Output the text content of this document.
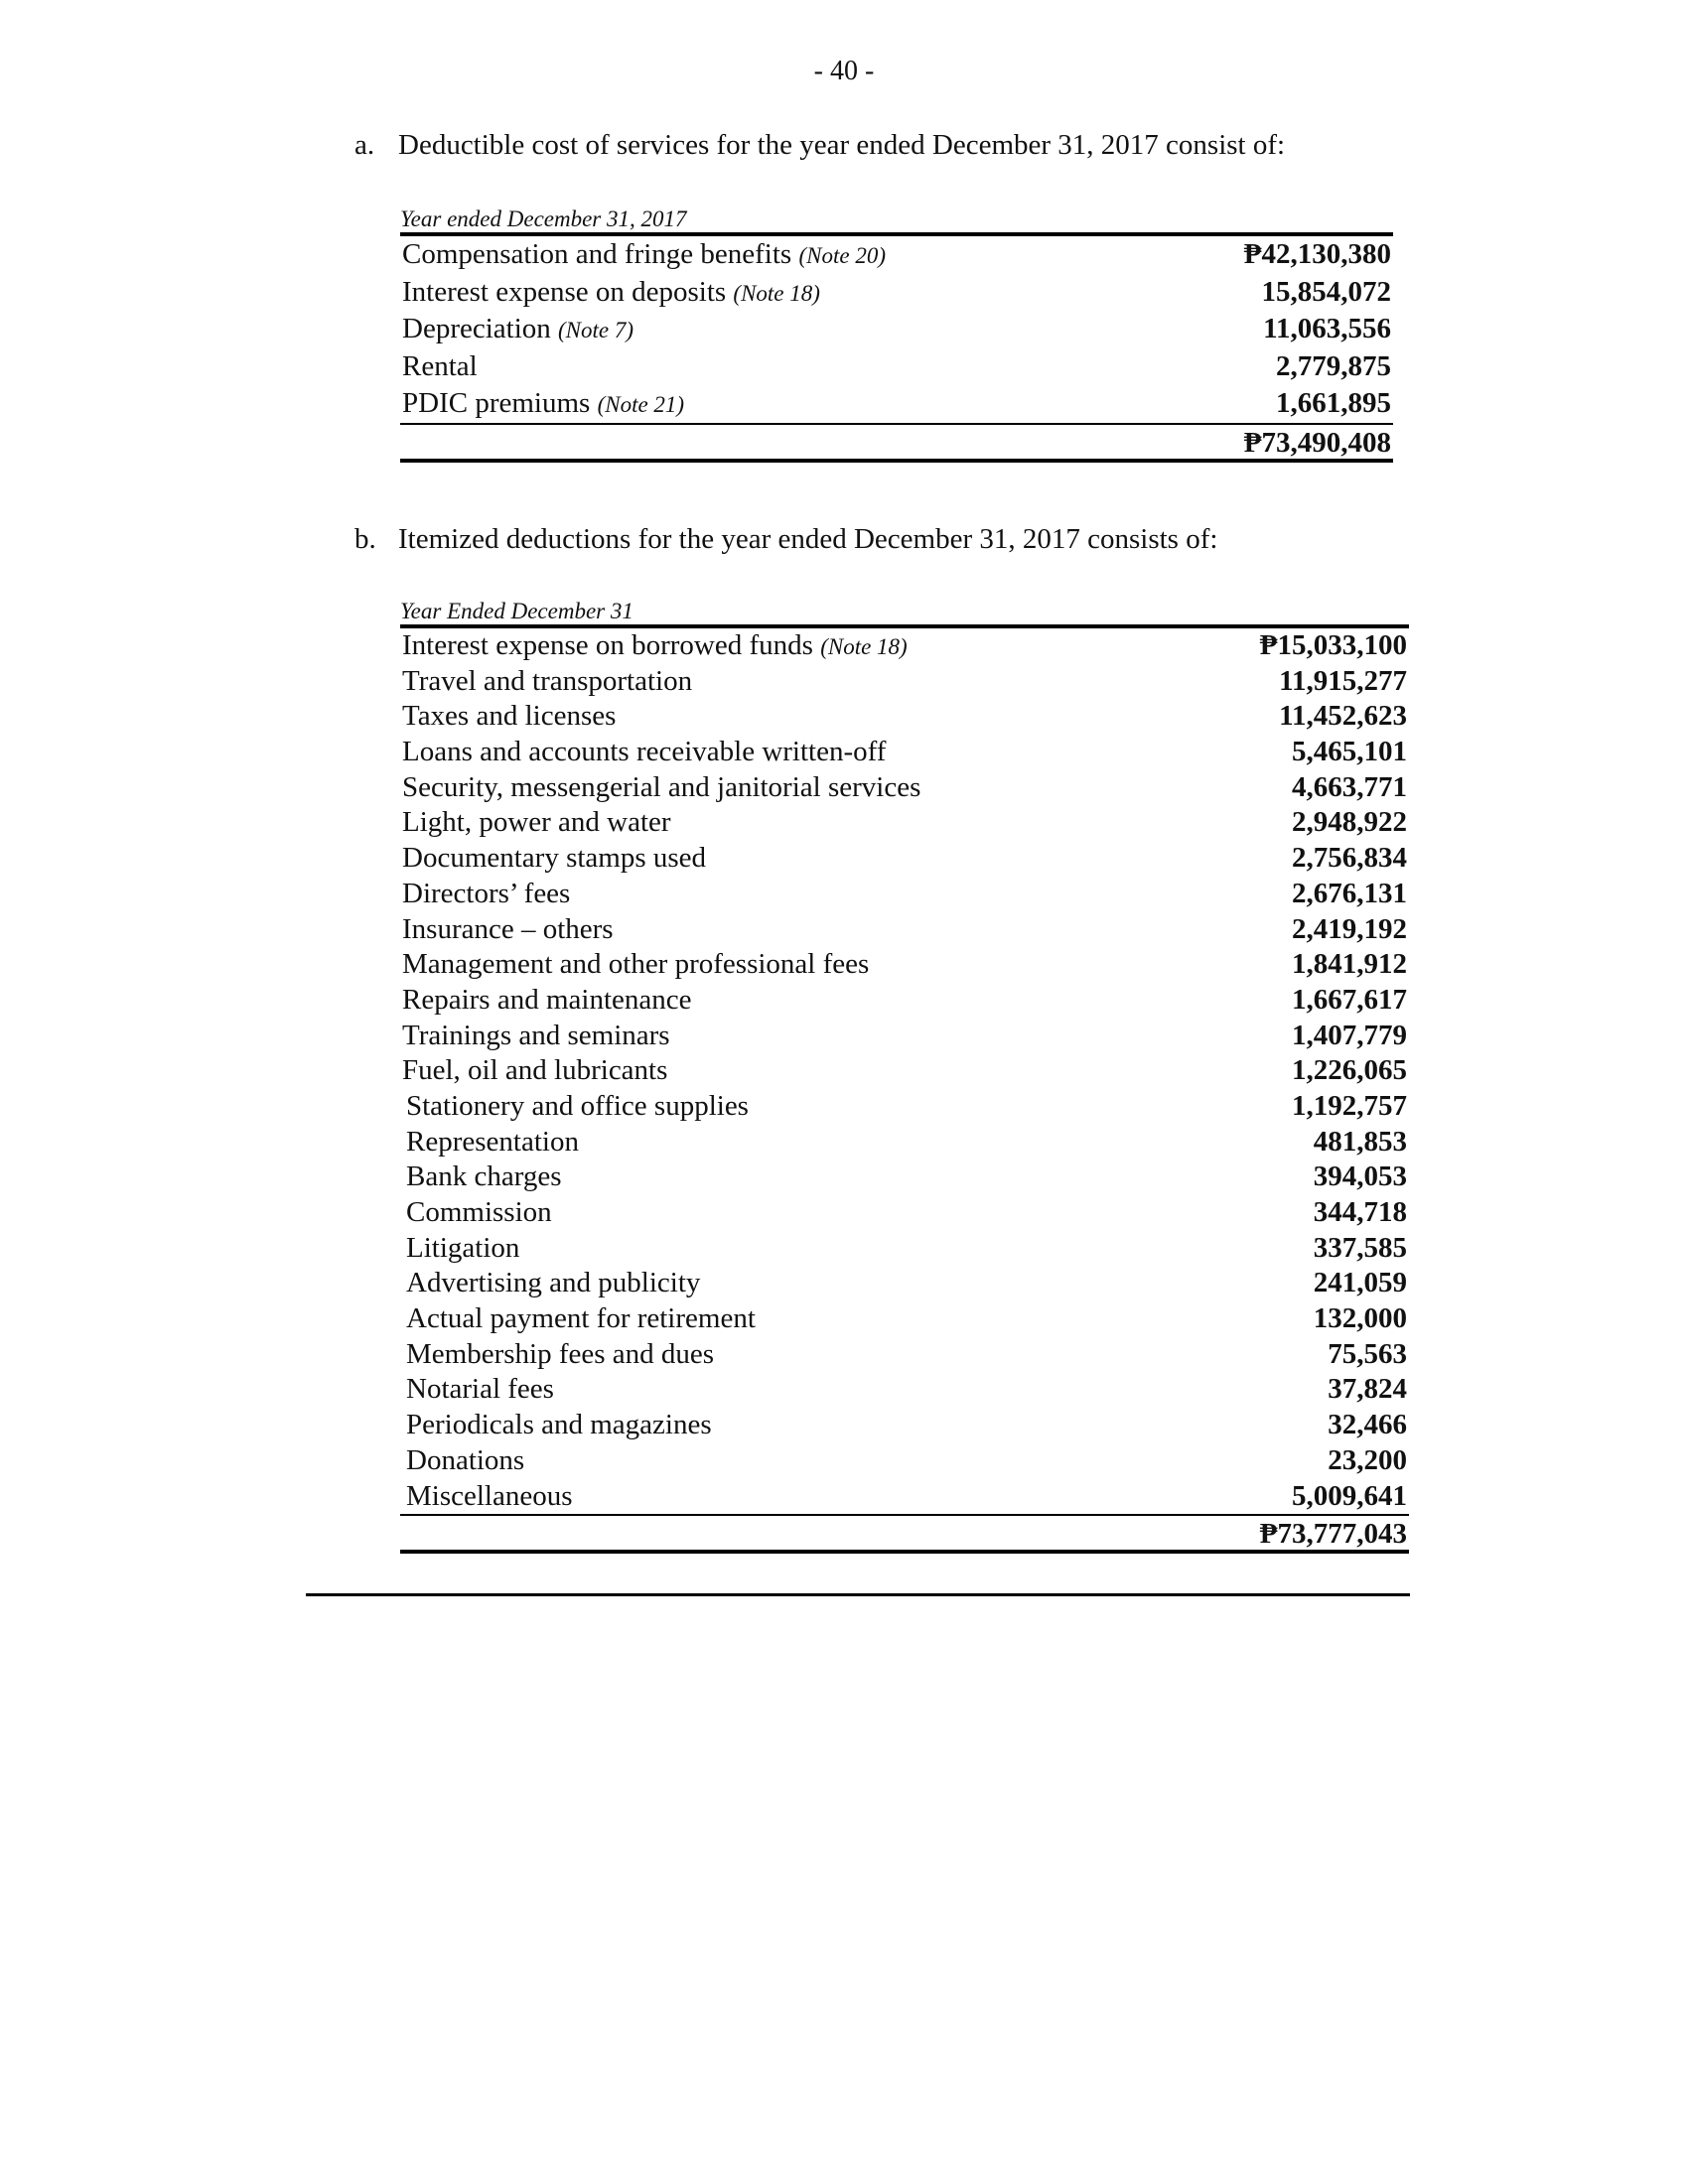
- 40 -
a. Deductible cost of services for the year ended December 31, 2017 consist of:
Year ended December 31, 2017
Compensation and fringe benefits (Note 20)	₱42,130,380
Interest expense on deposits (Note 18)	15,854,072
Depreciation (Note 7)	11,063,556
Rental	2,779,875
PDIC premiums (Note 21)	1,661,895
₱73,490,408
b. Itemized deductions for the year ended December 31, 2017 consists of:
Year Ended December 31
Interest expense on borrowed funds (Note 18)	₱15,033,100
Travel and transportation	11,915,277
Taxes and licenses	11,452,623
Loans and accounts receivable written-off	5,465,101
Security, messengerial and janitorial services	4,663,771
Light, power and water	2,948,922
Documentary stamps used	2,756,834
Directors’ fees	2,676,131
Insurance – others	2,419,192
Management and other professional fees	1,841,912
Repairs and maintenance	1,667,617
Trainings and seminars	1,407,779
Fuel, oil and lubricants	1,226,065
Stationery and office supplies	1,192,757
Representation	481,853
Bank charges	394,053
Commission	344,718
Litigation	337,585
Advertising and publicity	241,059
Actual payment for retirement	132,000
Membership fees and dues	75,563
Notarial fees	37,824
Periodicals and magazines	32,466
Donations	23,200
Miscellaneous	5,009,641
₱73,777,043
